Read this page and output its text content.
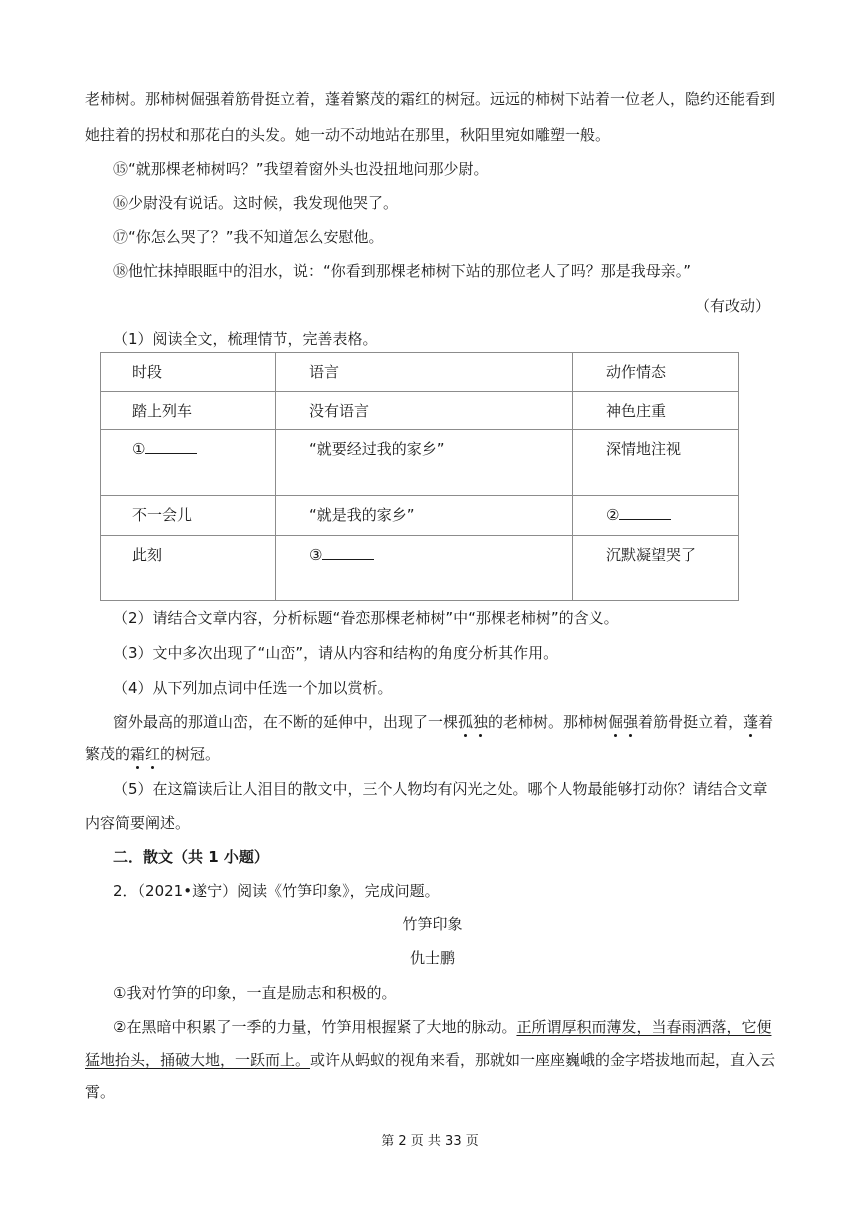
老柿树。那柿树倔强着筋骨挺立着，蓬着繁茂的霜红的树冠。远远的柿树下站着一位老人，隐约还能看到
她拄着的拐杖和那花白的头发。她一动不动地站在那里，秋阳里宛如雕塑一般。
⑮“就那棵老柿树吗？”我望着窗外头也没扭地问那少尉。
⑯少尉没有说话。这时候，我发现他哭了。
⑰“你怎么哭了？”我不知道怎么安慰他。
⑱他忙抹掉眼眶中的泪水，说：“你看到那棵老柿树下站的那位老人了吗？那是我母亲。”
（有改动）
（1）阅读全文，梳理情节，完善表格。
时段	语言	动作情态
踏上列车	没有语言	神色庄重
①	“就要经过我的家乡”	深情地注视
不一会儿	“就是我的家乡”	②
此刻	③	沉默凝望哭了
（2）请结合文章内容，分析标题“眷恋那棵老柿树”中“那棵老柿树”的含义。
（3）文中多次出现了“山峦”，请从内容和结构的角度分析其作用。
（4）从下列加点词中任选一个加以赏析。
窗外最高的那道山峦，在不断的延伸中，出现了一棵孤独的老柿树。那柿树倔强着筋骨挺立着，蓬着
繁茂的霜红的树冠。
（5）在这篇读后让人泪目的散文中，三个人物均有闪光之处。哪个人物最能够打动你？请结合文章
内容简要阐述。
二．散文（共 1 小题）
2．（2021•遂宁）阅读《竹笋印象》，完成问题。
竹笋印象
仇士鹏
①我对竹笋的印象，一直是励志和积极的。
②在黑暗中积累了一季的力量，竹笋用根握紧了大地的脉动。正所谓厚积而薄发，当春雨洒落，它便
猛地抬头，捅破大地，一跃而上。或许从蚂蚁的视角来看，那就如一座座巍峨的金字塔拔地而起，直入云
霄。
第 2 页 共 33 页
